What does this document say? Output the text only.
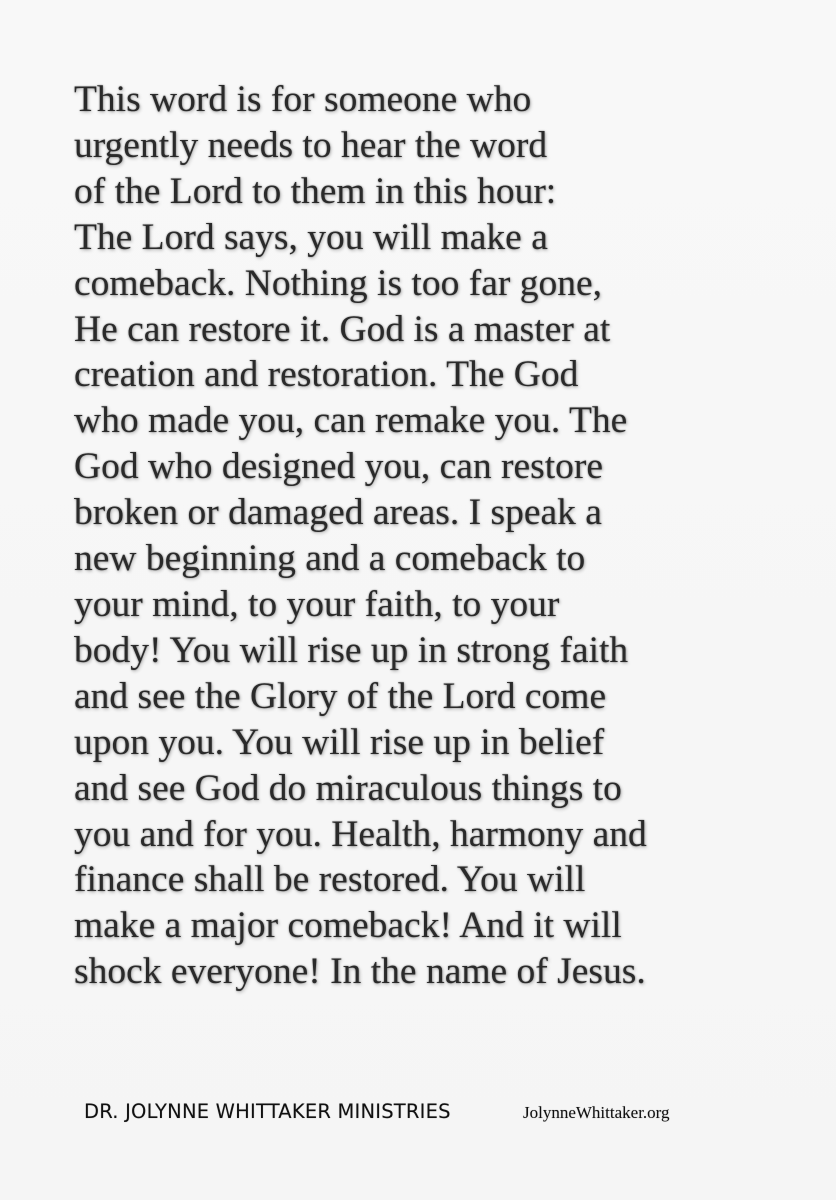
This word is for someone who
urgently needs to hear the word
of the Lord to them in this hour:
The Lord says, you will make a
comeback. Nothing is too far gone,
He can restore it. God is a master at
creation and restoration. The God
who made you, can remake you. The
God who designed you, can restore
broken or damaged areas. I speak a
new beginning and a comeback to
your mind, to your faith, to your
body! You will rise up in strong faith
and see the Glory of the Lord come
upon you. You will rise up in belief
and see God do miraculous things to
you and for you. Health, harmony and
finance shall be restored. You will
make a major comeback! And it will
shock everyone! In the name of Jesus.
DR. JOLYNNE WHITTAKER MINISTRIES	JolynneWhittaker.org
